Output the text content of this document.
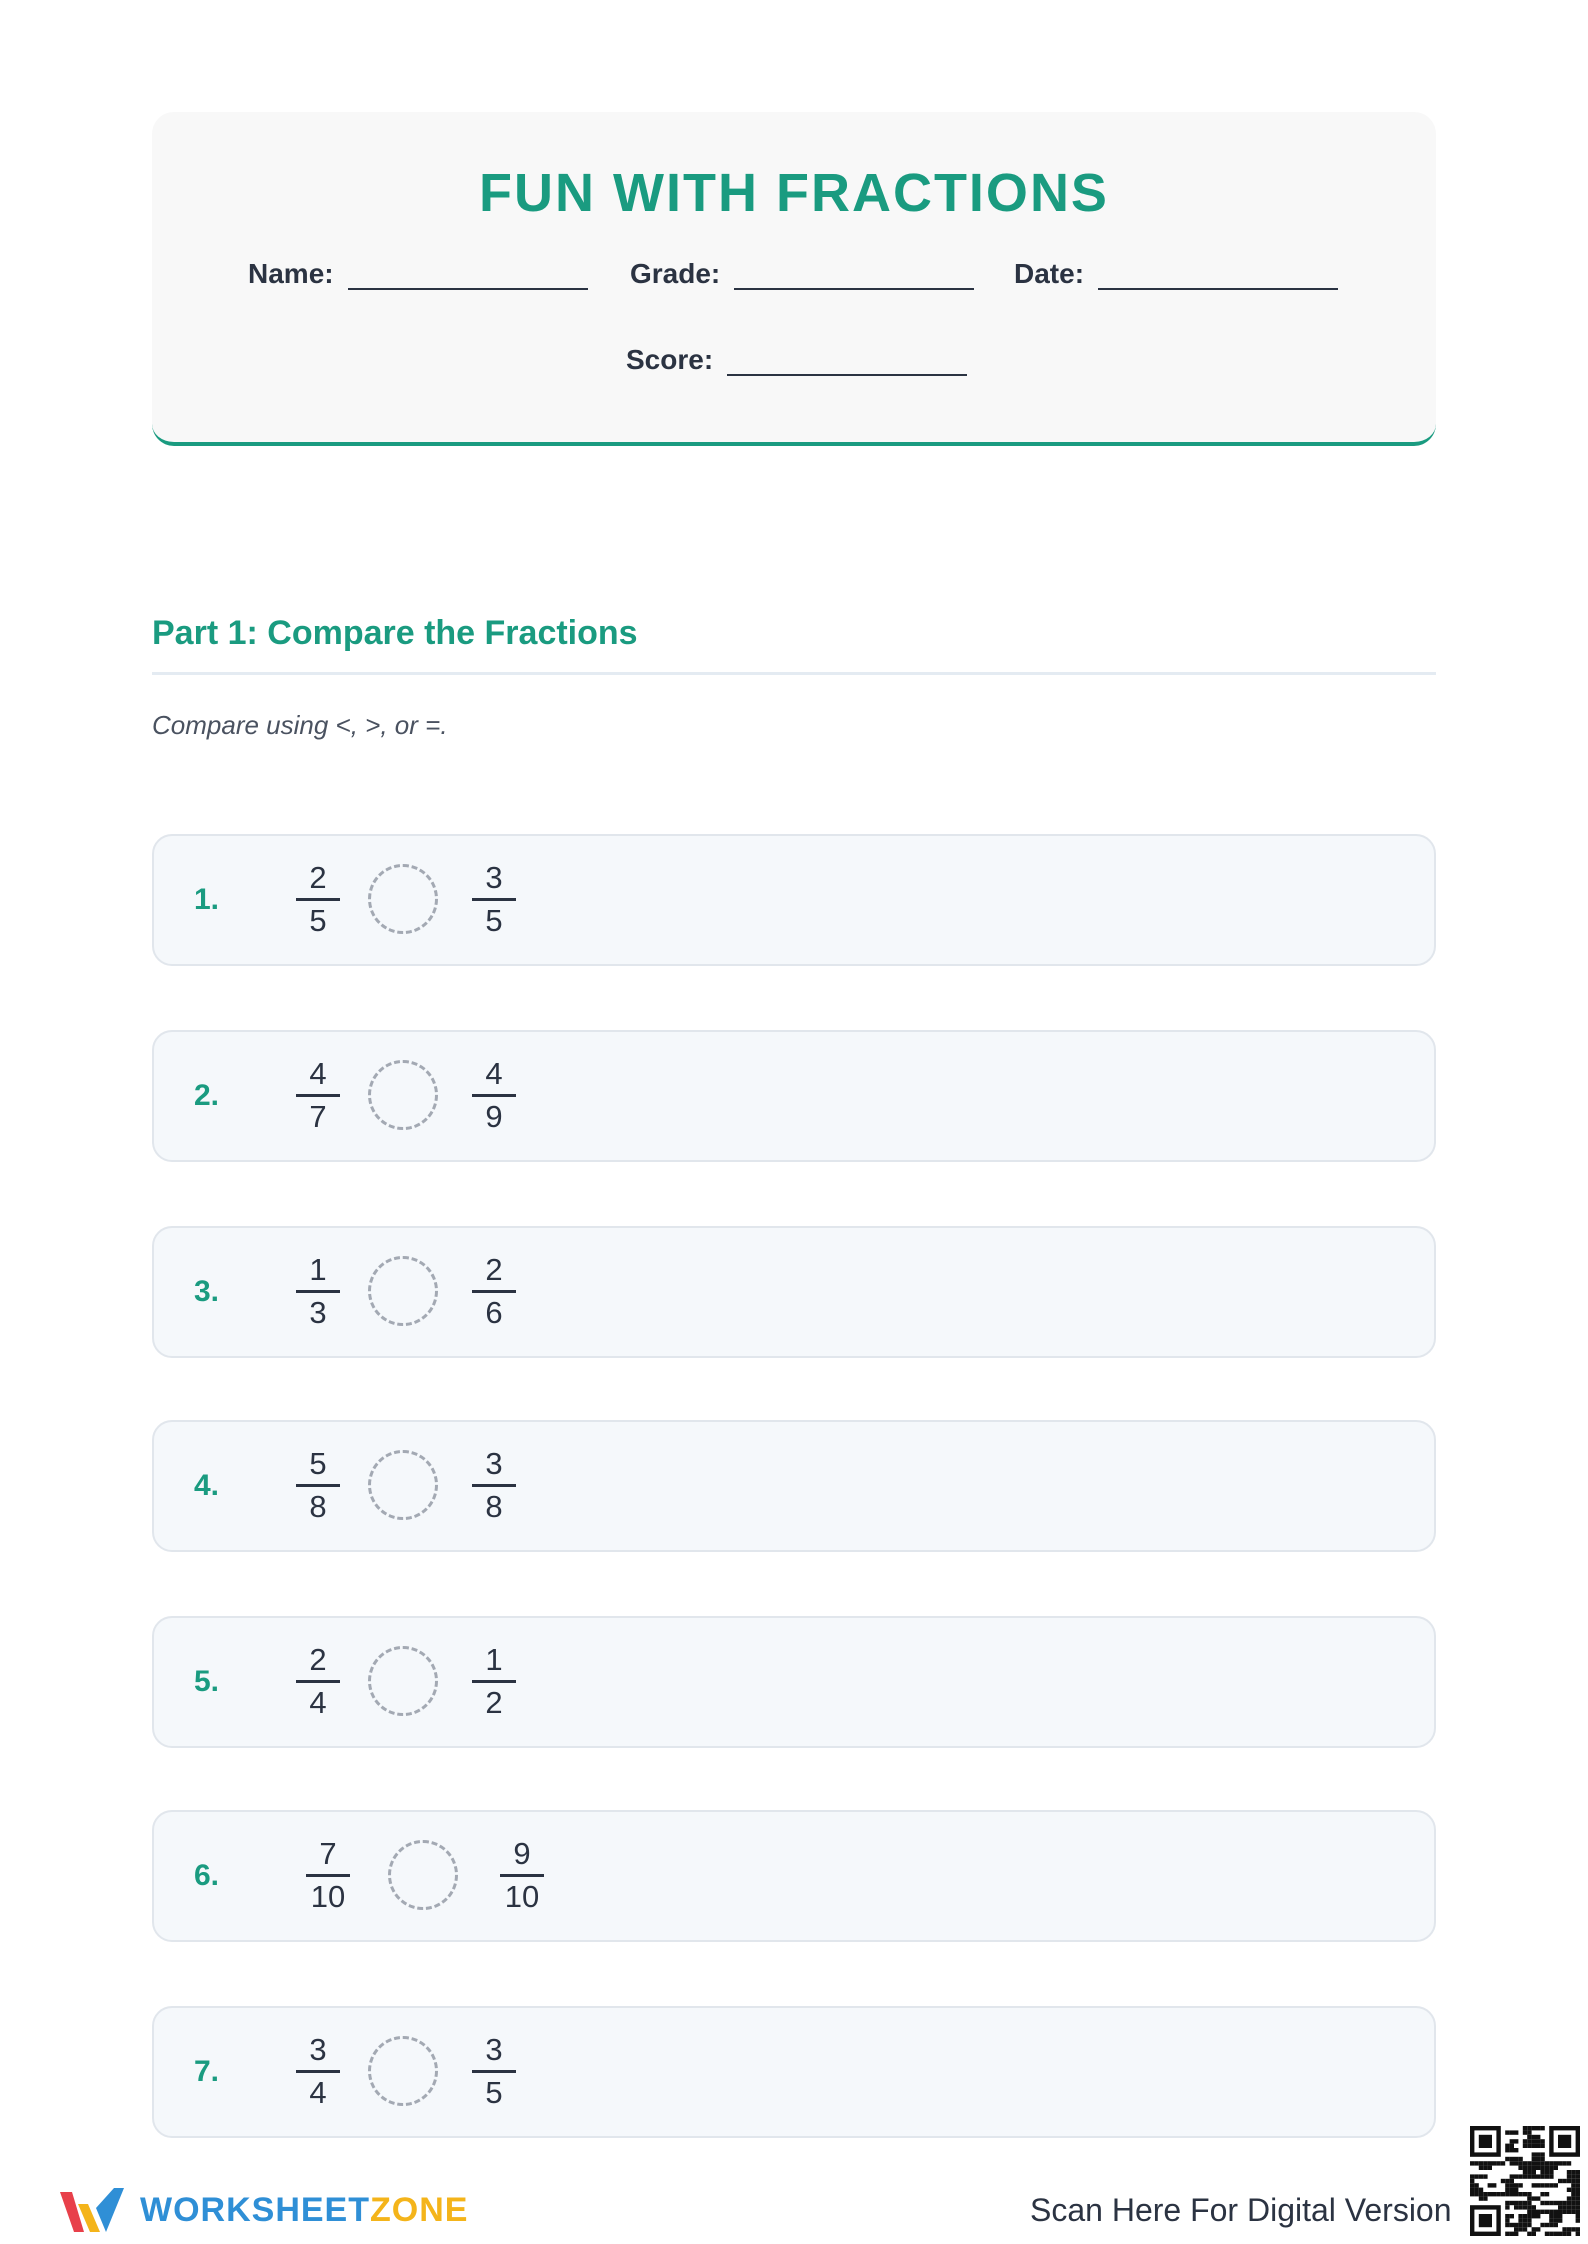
FUN WITH FRACTIONS
Name:	Grade:	Date:
Score:
Part 1: Compare the Fractions
Compare using <, >, or =.
1.
2
5
3
5
2.
4
7
4
9
3.
1
3
2
6
4.
5
8
3
8
5.
2
4
1
2
6.
7
10
9
10
7.
3
4
3
5
WORKSHEETZONE	Scan Here For Digital Version
